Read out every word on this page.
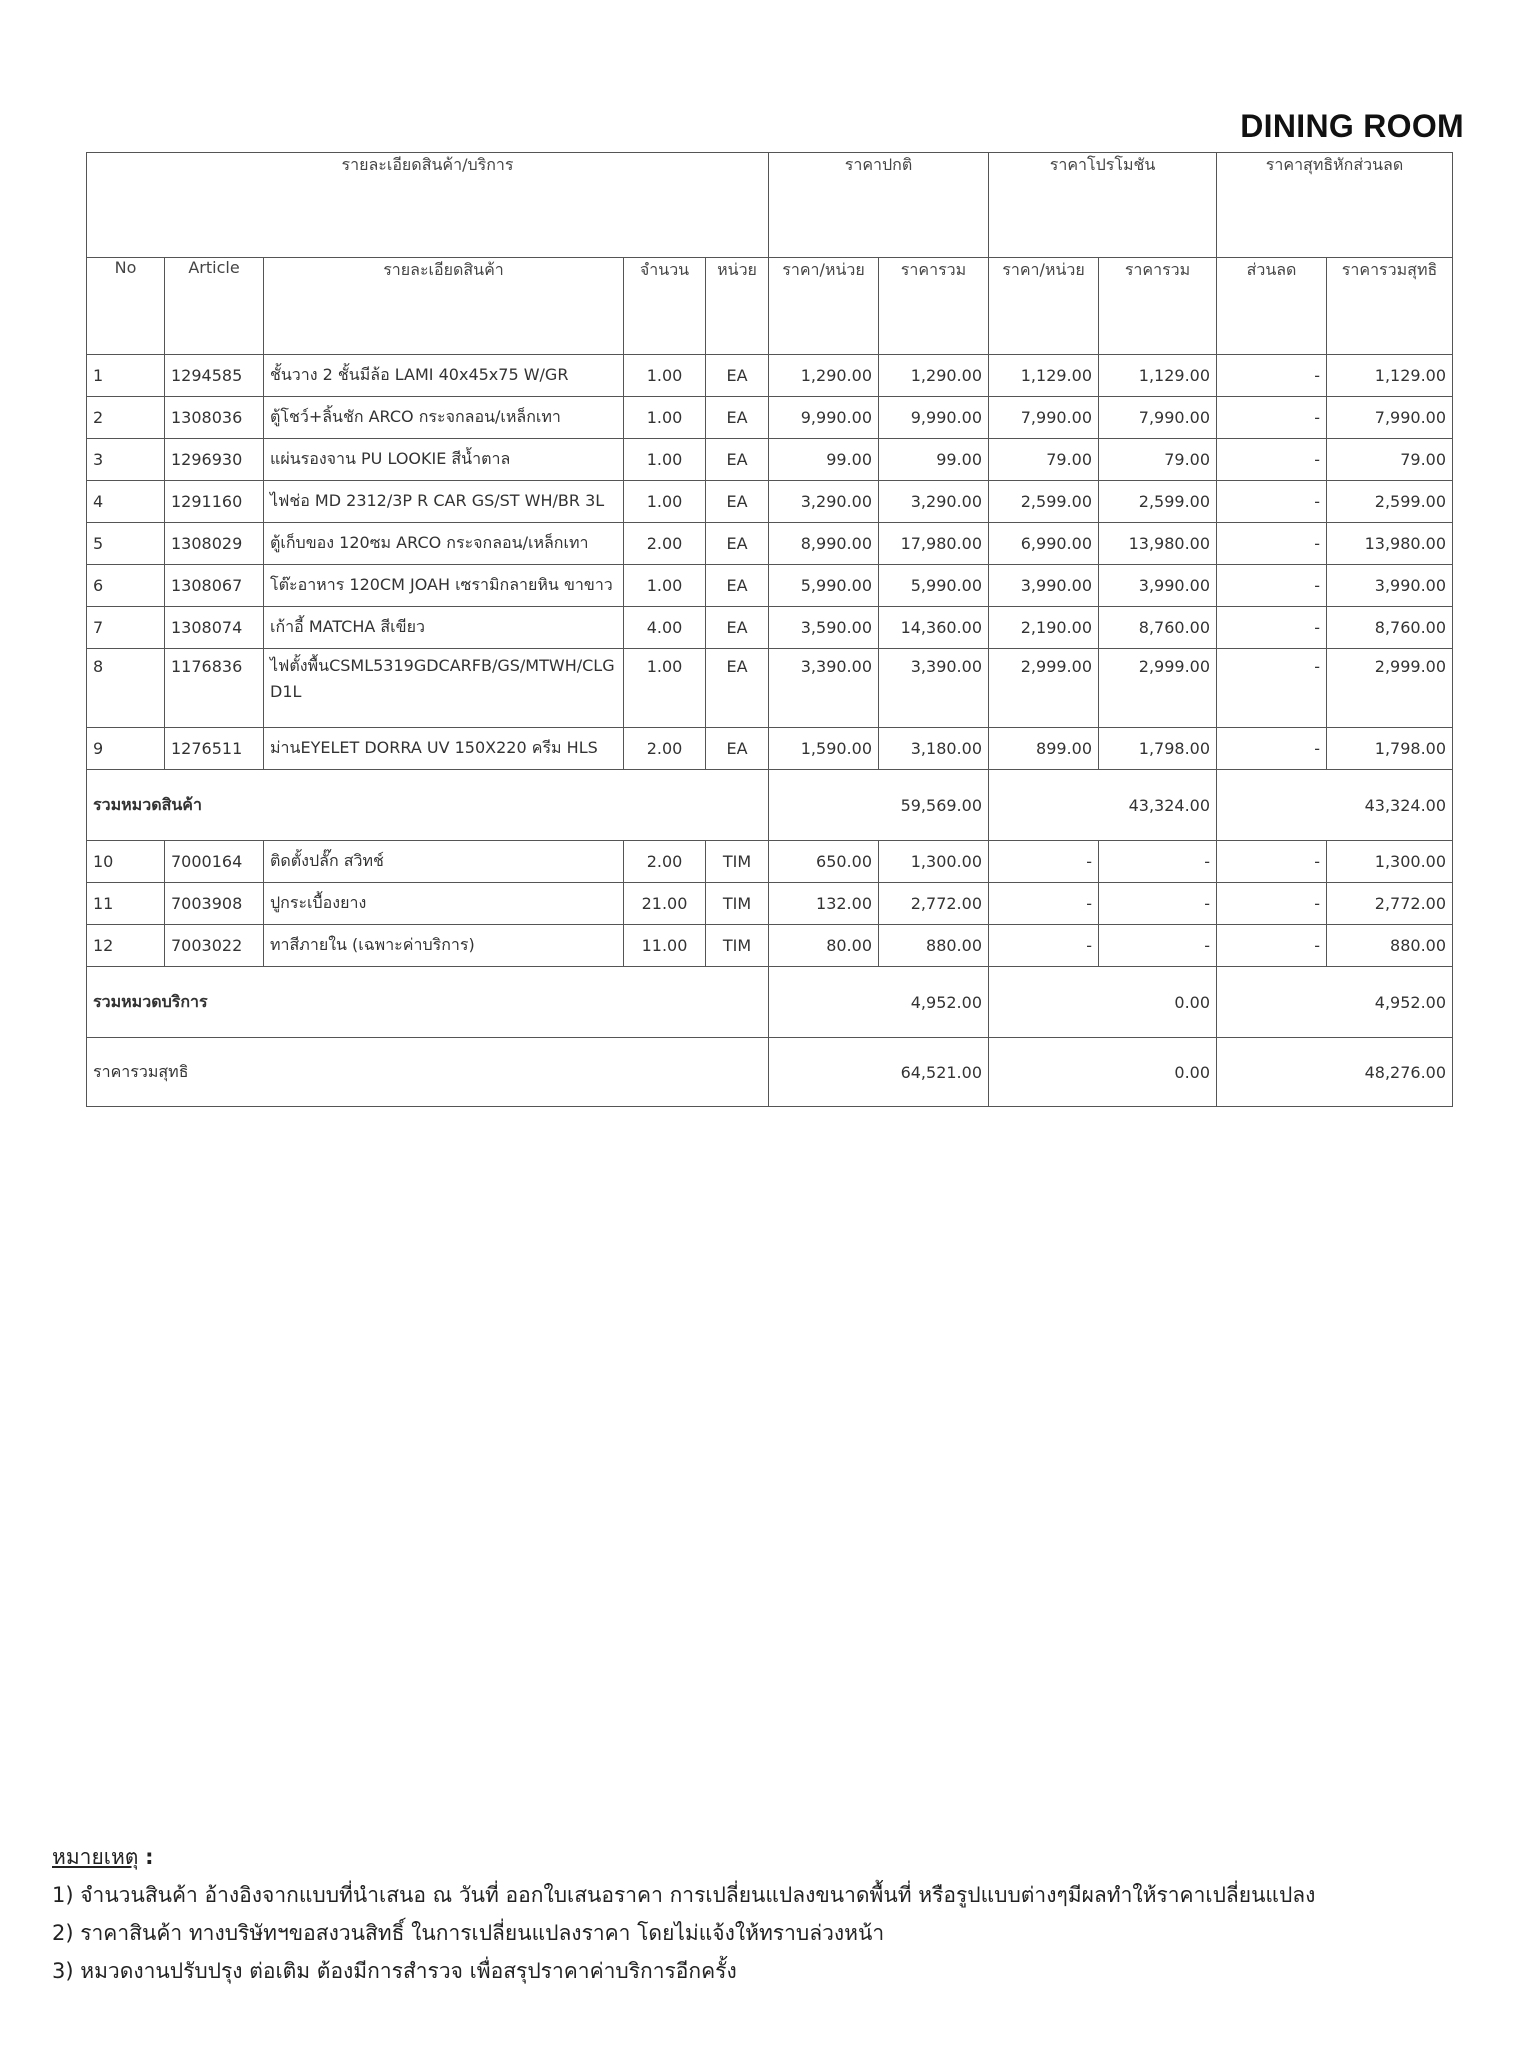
DINING ROOM
รายละเอียดสินค้า/บริการ					ราคาปกติ		ราคาโปรโมชัน		ราคาสุทธิหักส่วนลด	
No	Article	รายละเอียดสินค้า	จำนวน	หน่วย	ราคา/หน่วย	ราคารวม	ราคา/หน่วย	ราคารวม	ส่วนลด	ราคารวมสุทธิ
1	1294585	ชั้นวาง 2 ชั้นมีล้อ LAMI 40x45x75 W/GR	1.00	EA	1,290.00	1,290.00	1,129.00	1,129.00	-	1,129.00
2	1308036	ตู้โชว์+ลิ้นชัก ARCO กระจกลอน/เหล็กเทา	1.00	EA	9,990.00	9,990.00	7,990.00	7,990.00	-	7,990.00
3	1296930	แผ่นรองจาน PU LOOKIE สีน้ำตาล	1.00	EA	99.00	99.00	79.00	79.00	-	79.00
4	1291160	ไฟช่อ MD 2312/3P R CAR GS/ST WH/BR 3L	1.00	EA	3,290.00	3,290.00	2,599.00	2,599.00	-	2,599.00
5	1308029	ตู้เก็บของ 120ซม ARCO กระจกลอน/เหล็กเทา	2.00	EA	8,990.00	17,980.00	6,990.00	13,980.00	-	13,980.00
6	1308067	โต๊ะอาหาร 120CM JOAH เซรามิกลายหิน ขาขาว	1.00	EA	5,990.00	5,990.00	3,990.00	3,990.00	-	3,990.00
7	1308074	เก้าอี้ MATCHA สีเขียว	4.00	EA	3,590.00	14,360.00	2,190.00	8,760.00	-	8,760.00
8	1176836	ไฟตั้งพื้นCSML5319GDCARFB/GS/MTWH/CLGD1L	1.00	EA	3,390.00	3,390.00	2,999.00	2,999.00	-	2,999.00
9	1276511	ม่านEYELET DORRA UV 150X220 ครีม HLS	2.00	EA	1,590.00	3,180.00	899.00	1,798.00	-	1,798.00
รวมหมวดสินค้า					59,569.00		43,324.00		43,324.00	
10	7000164	ติดตั้งปลั๊ก สวิทช์	2.00	TIM	650.00	1,300.00	-	-	-	1,300.00
11	7003908	ปูกระเบื้องยาง	21.00	TIM	132.00	2,772.00	-	-	-	2,772.00
12	7003022	ทาสีภายใน (เฉพาะค่าบริการ)	11.00	TIM	80.00	880.00	-	-	-	880.00
รวมหมวดบริการ					4,952.00		0.00		4,952.00	
ราคารวมสุทธิ					64,521.00		0.00		48,276.00	
หมายเหตุ :
1) จำนวนสินค้า อ้างอิงจากแบบที่นำเสนอ ณ วันที่ ออกใบเสนอราคา การเปลี่ยนแปลงขนาดพื้นที่ หรือรูปแบบต่างๆมีผลทำให้ราคาเปลี่ยนแปลง
2) ราคาสินค้า ทางบริษัทฯขอสงวนสิทธิ์ ในการเปลี่ยนแปลงราคา โดยไม่แจ้งให้ทราบล่วงหน้า
3) หมวดงานปรับปรุง ต่อเติม ต้องมีการสำรวจ เพื่อสรุปราคาค่าบริการอีกครั้ง
